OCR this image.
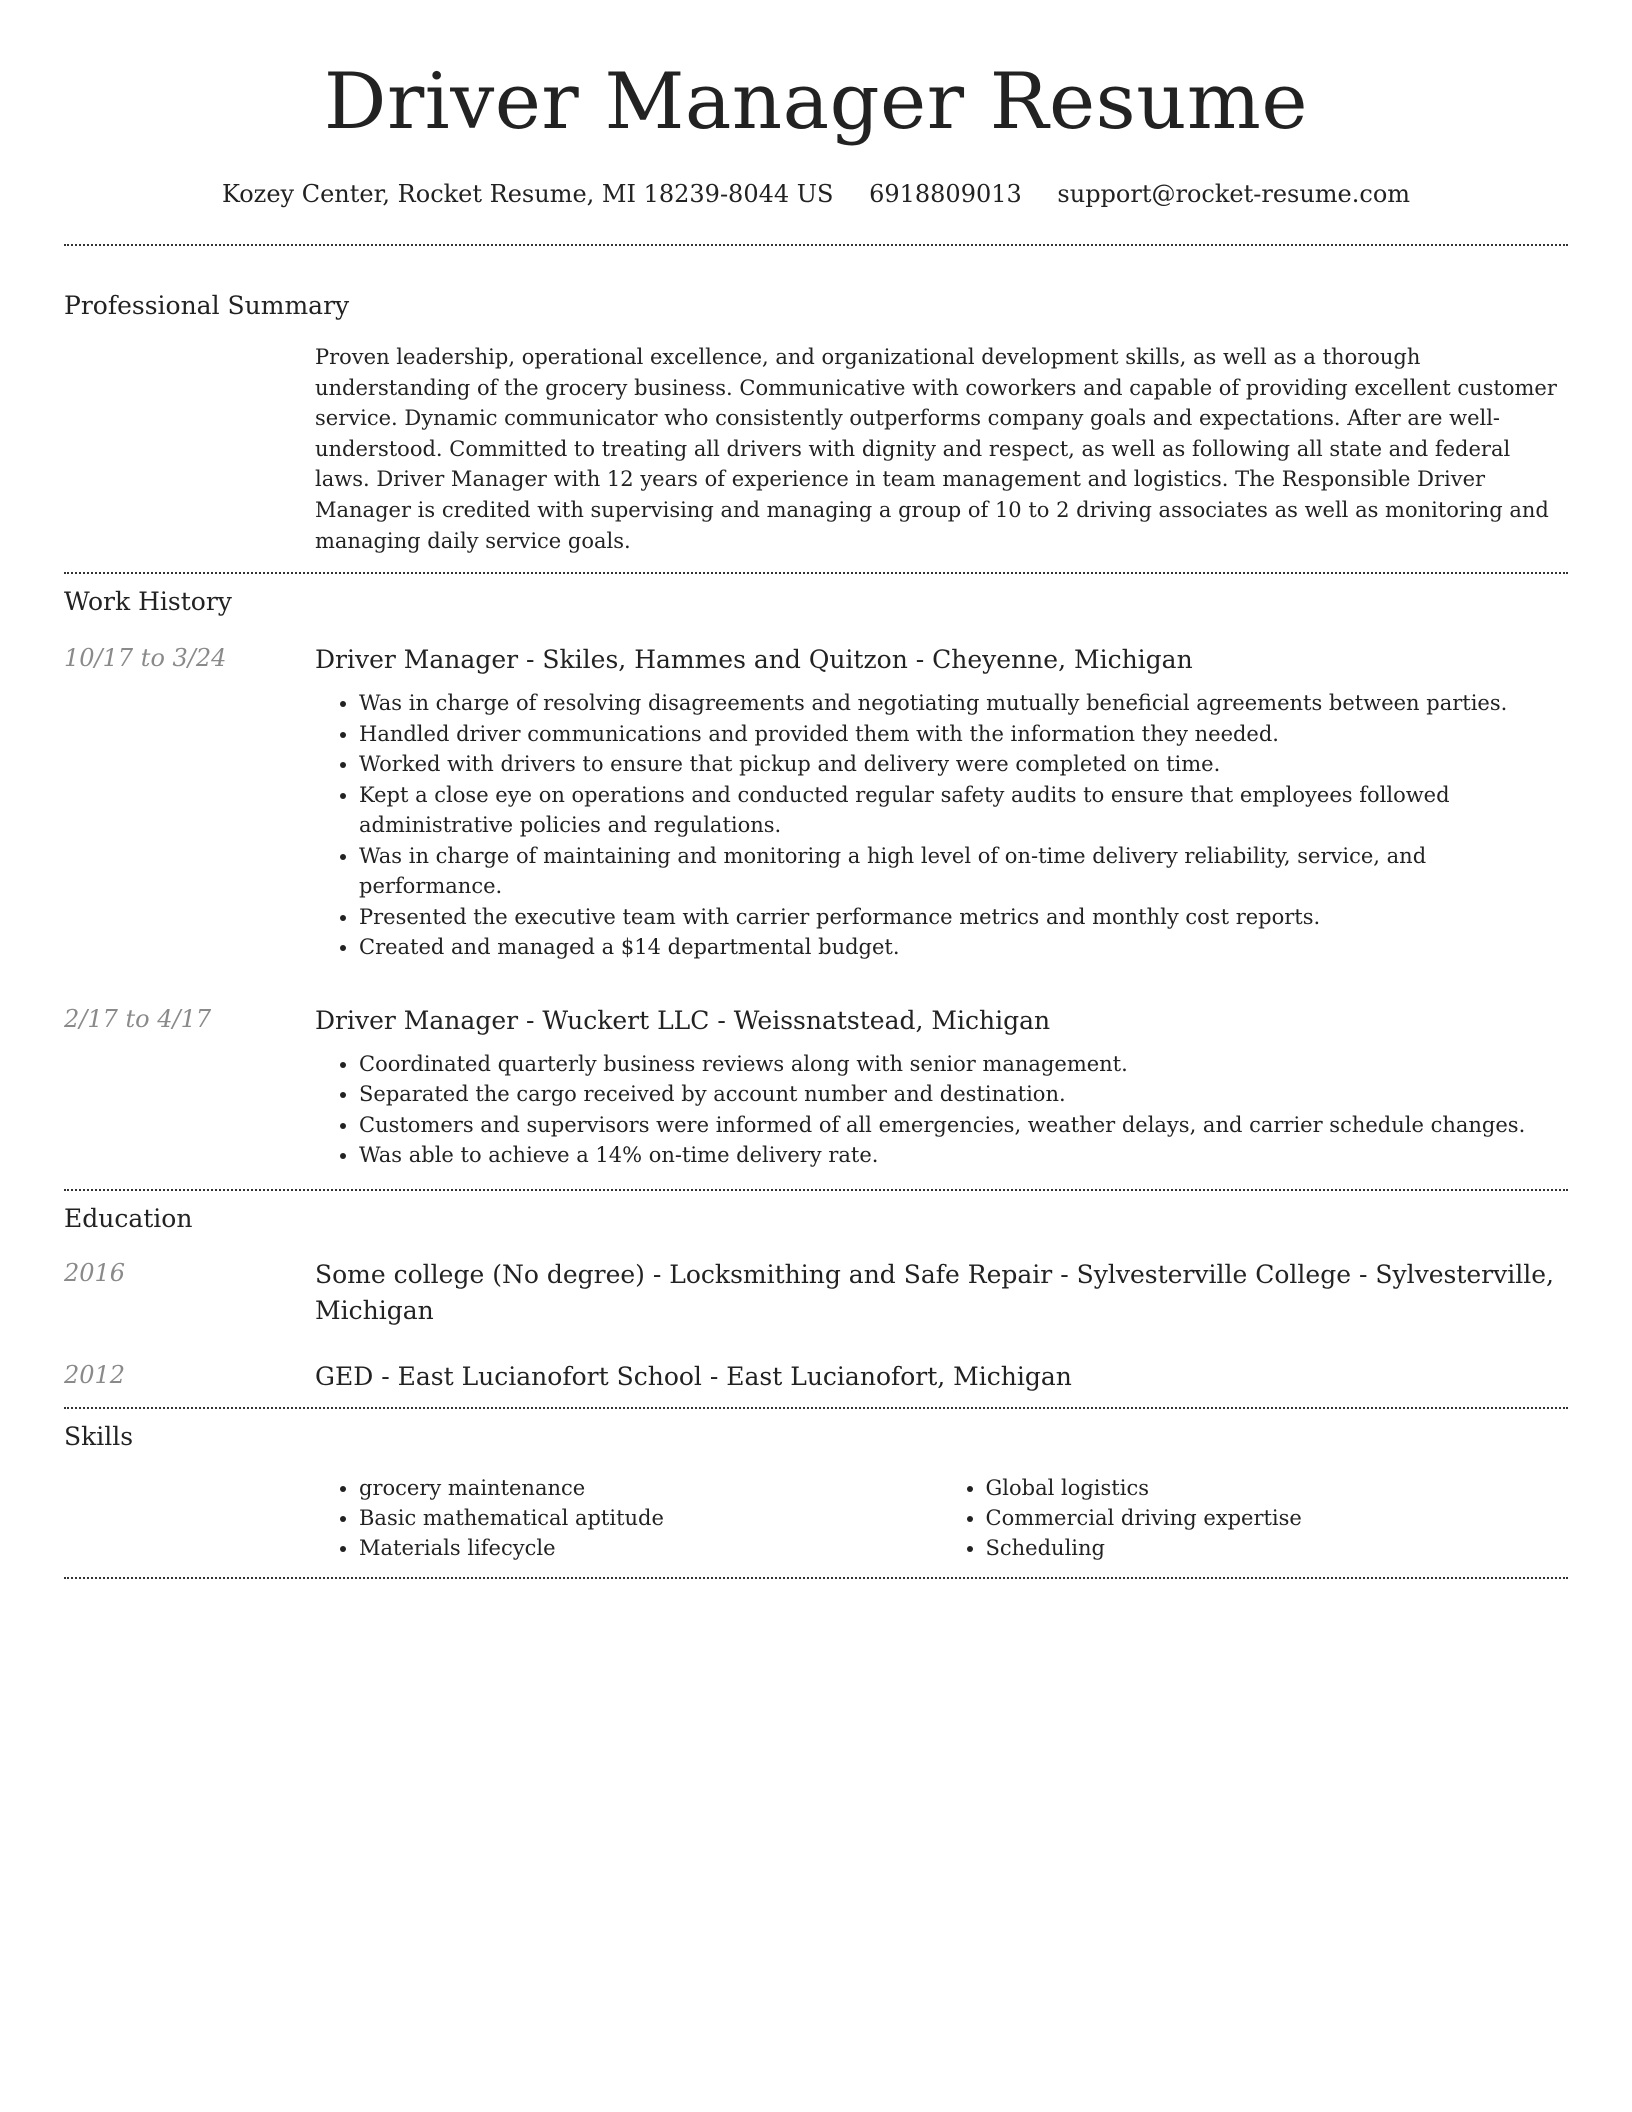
Driver Manager Resume
Kozey Center, Rocket Resume, MI 18239-8044 US 6918809013 support@rocket-resume.com
Professional Summary

Proven leadership, operational excellence, and organizational development skills, as well as a thorough understanding of the grocery business. Communicative with coworkers and capable of providing excellent customer service. Dynamic communicator who consistently outperforms company goals and expectations. After are well-understood. Committed to treating all drivers with dignity and respect, as well as following all state and federal laws. Driver Manager with 12 years of experience in team management and logistics. The Responsible Driver Manager is credited with supervising and managing a group of 10 to 2 driving associates as well as monitoring and managing daily service goals.

Work History
10/17 to 3/24	Driver Manager - Skiles, Hammes and Quitzon - Cheyenne, Michigan
• Was in charge of resolving disagreements and negotiating mutually beneficial agreements between parties.
• Handled driver communications and provided them with the information they needed.
• Worked with drivers to ensure that pickup and delivery were completed on time.
• Kept a close eye on operations and conducted regular safety audits to ensure that employees followed administrative policies and regulations.
• Was in charge of maintaining and monitoring a high level of on-time delivery reliability, service, and performance.
• Presented the executive team with carrier performance metrics and monthly cost reports.
• Created and managed a $14 departmental budget.
2/17 to 4/17	Driver Manager - Wuckert LLC - Weissnatstead, Michigan
• Coordinated quarterly business reviews along with senior management.
• Separated the cargo received by account number and destination.
• Customers and supervisors were informed of all emergencies, weather delays, and carrier schedule changes.
• Was able to achieve a 14% on-time delivery rate.
Education
2016	Some college (No degree) - Locksmithing and Safe Repair - Sylvesterville College - Sylvesterville, Michigan
2012	GED - East Lucianofort School - East Lucianofort, Michigan
Skills
• grocery maintenance
• Basic mathematical aptitude
• Materials lifecycle
• Global logistics
• Commercial driving expertise
• Scheduling
